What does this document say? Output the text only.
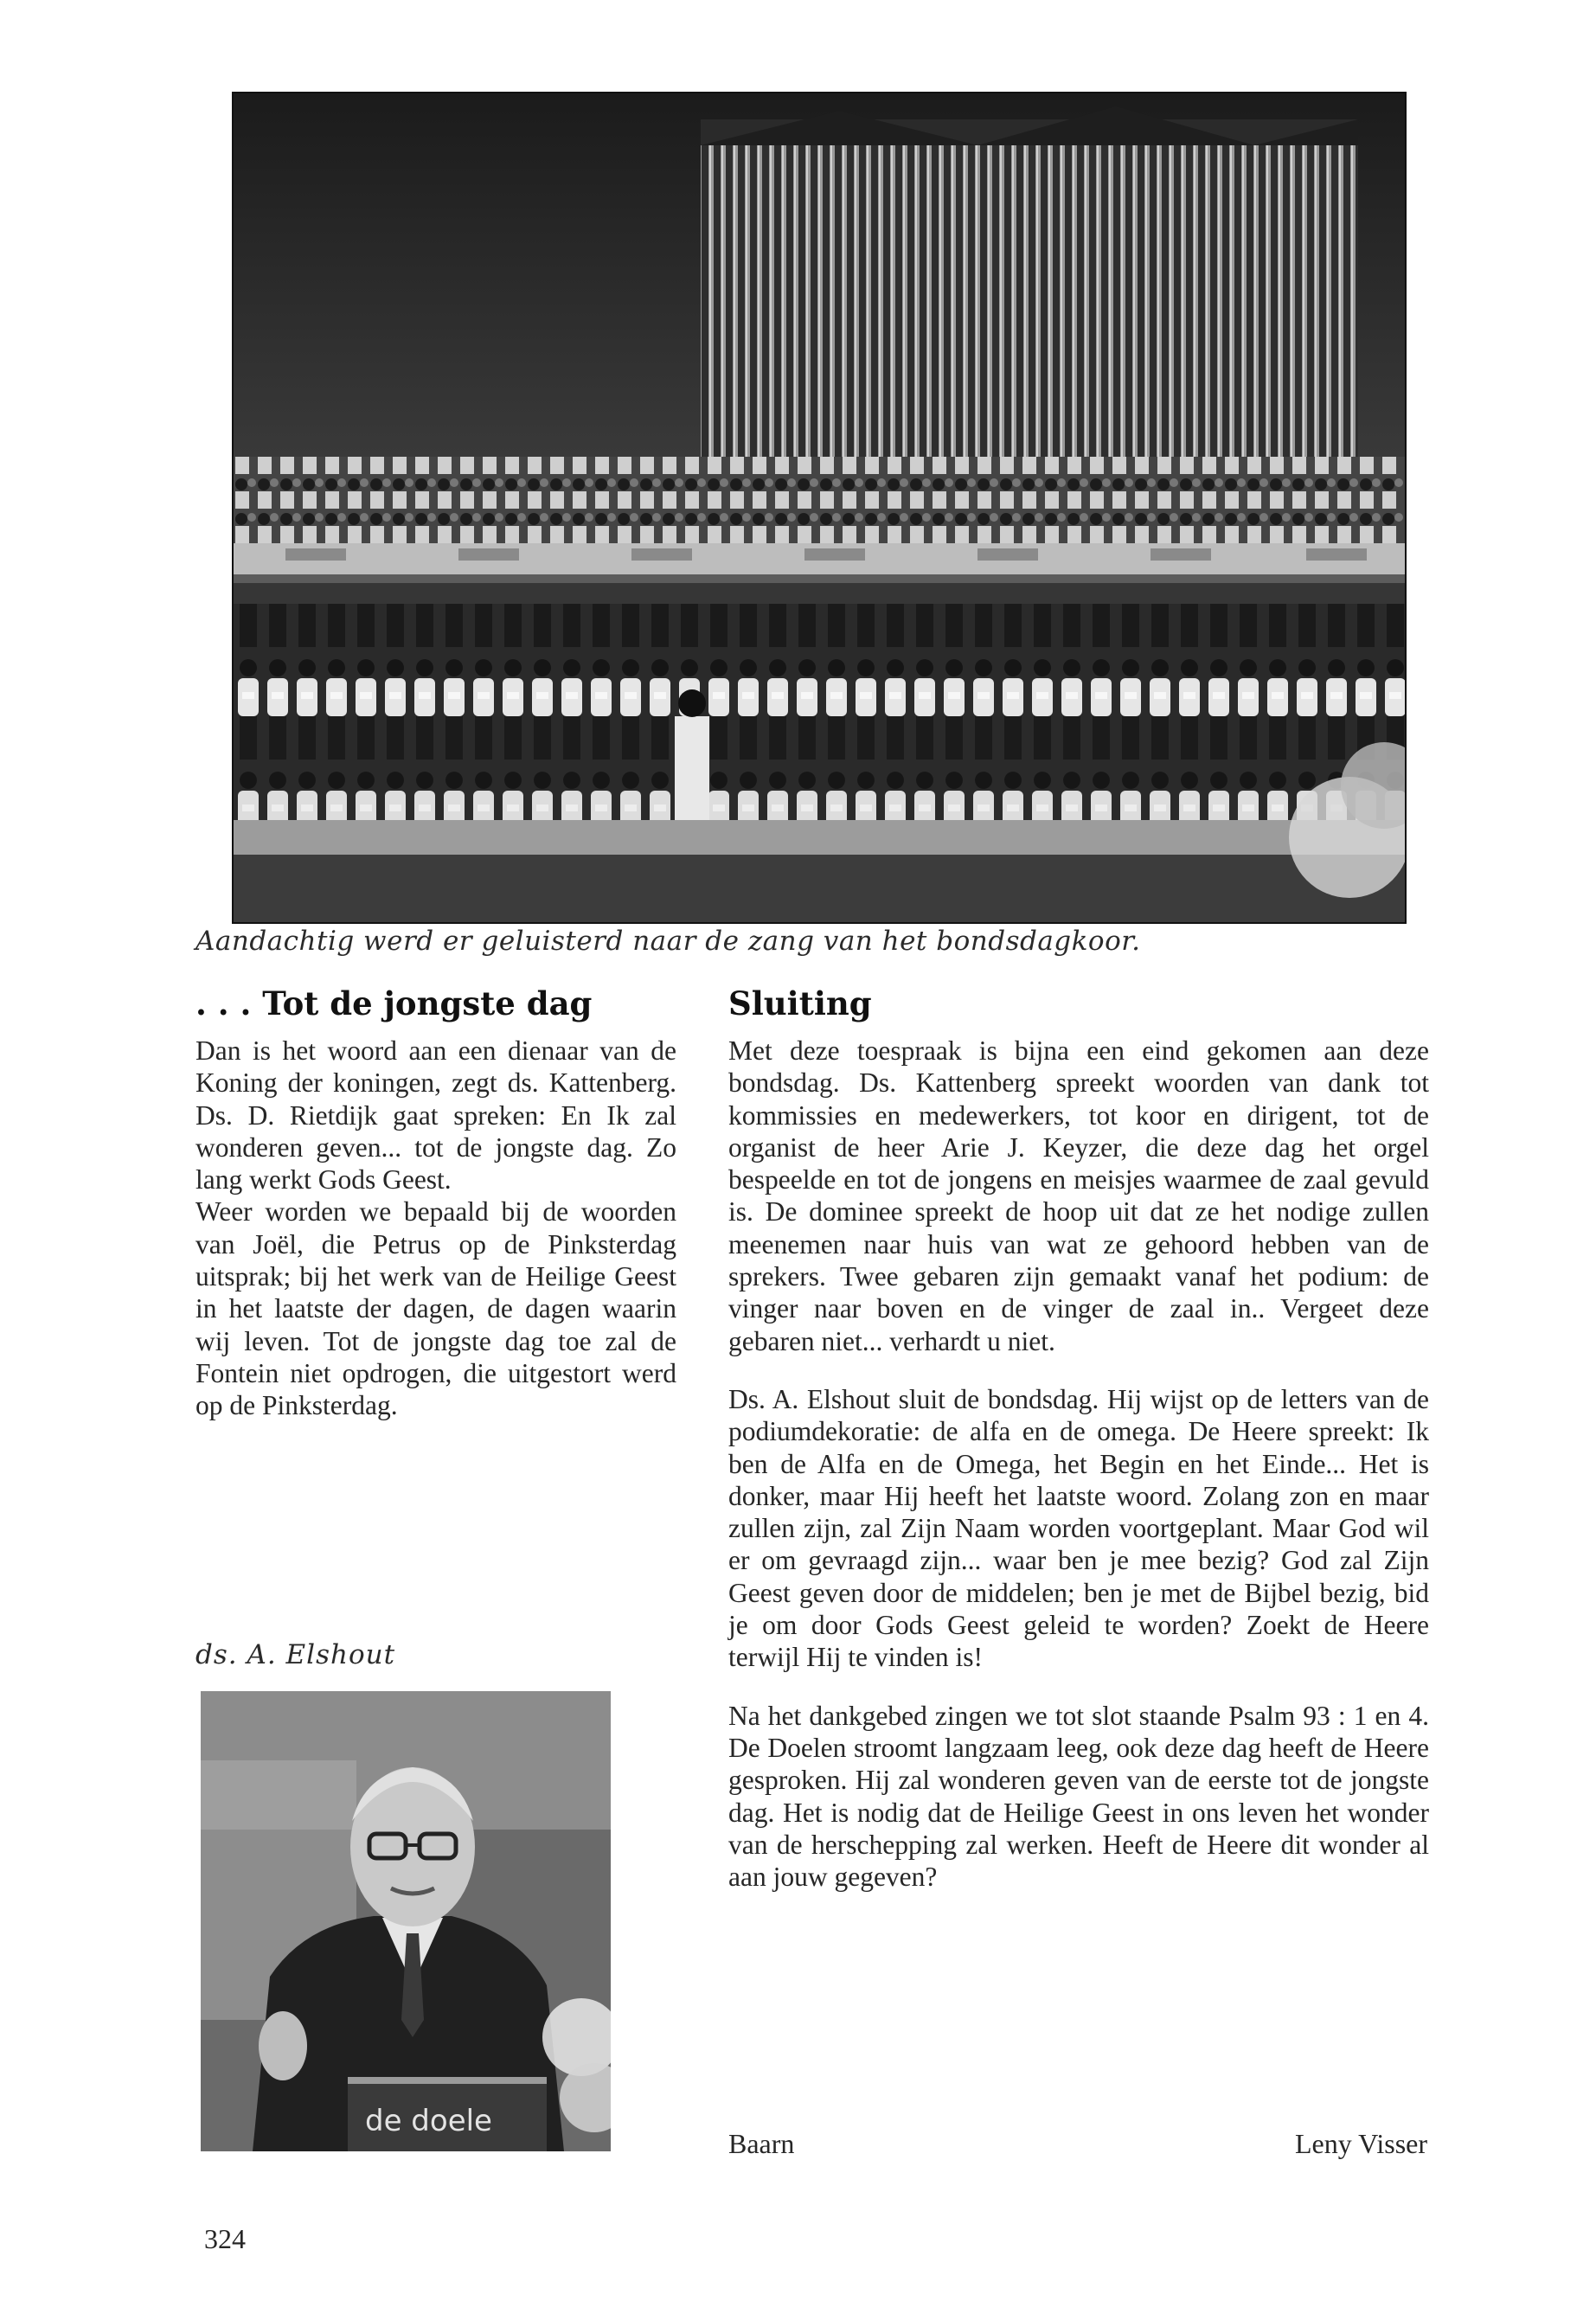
Aandachtig werd er geluisterd naar de zang van het bondsdagkoor.
. . . Tot de jongste dag

Dan is het woord aan een dienaar van de Koning der koningen, zegt ds. Kattenberg. Ds. D. Rietdijk gaat spreken: En Ik zal wonderen geven... tot de jongste dag. Zo lang werkt Gods Geest.

Weer worden we bepaald bij de woorden van Joël, die Petrus op de Pinksterdag uitsprak; bij het werk van de Heilige Geest in het laatste der dagen, de dagen waarin wij leven. Tot de jongste dag toe zal de Fontein niet opdrogen, die uitgestort werd op de Pinksterdag.

ds. A. Elshout
de doele
Sluiting

Met deze toespraak is bijna een eind gekomen aan deze bondsdag. Ds. Kattenberg spreekt woorden van dank tot kommissies en medewerkers, tot koor en dirigent, tot de organist de heer Arie J. Keyzer, die deze dag het orgel bespeelde en tot de jongens en meisjes waarmee de zaal gevuld is. De dominee spreekt de hoop uit dat ze het nodige zullen meenemen naar huis van wat ze gehoord hebben van de sprekers. Twee gebaren zijn gemaakt vanaf het podium: de vinger naar boven en de vinger de zaal in.. Vergeet deze gebaren niet... verhardt u niet.

Ds. A. Elshout sluit de bondsdag. Hij wijst op de letters van de podiumdekoratie: de alfa en de omega. De Heere spreekt: Ik ben de Alfa en de Omega, het Begin en het Einde... Het is donker, maar Hij heeft het laatste woord. Zolang zon en maar zullen zijn, zal Zijn Naam worden voortgeplant. Maar God wil er om gevraagd zijn... waar ben je mee bezig? God zal Zijn Geest geven door de middelen; ben je met de Bijbel bezig, bid je om door Gods Geest geleid te worden? Zoekt de Heere terwijl Hij te vinden is!

Na het dankgebed zingen we tot slot staande Psalm 93 : 1 en 4. De Doelen stroomt langzaam leeg, ook deze dag heeft de Heere gesproken. Hij zal wonderen geven van de eerste tot de jongste dag. Het is nodig dat de Heilige Geest in ons leven het wonder van de herschepping zal werken. Heeft de Heere dit wonder al aan jouw gegeven?

Baarn	Leny Visser
324
